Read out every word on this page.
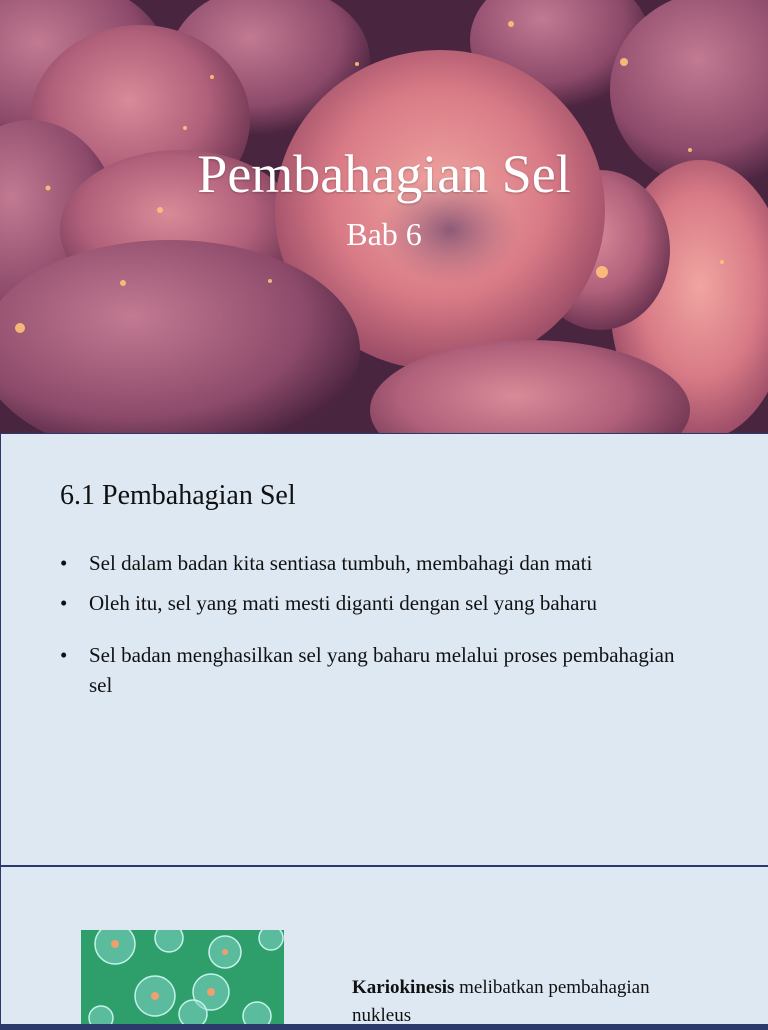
Pembahagian Sel
Bab 6
6.1 Pembahagian Sel
• Sel dalam badan kita sentiasa tumbuh, membahagi dan mati
• Oleh itu, sel yang mati mesti diganti dengan sel yang baharu
• Sel badan menghasilkan sel yang baharu melalui proses pembahagian sel
Kariokinesis melibatkan pembahagian nukleus
